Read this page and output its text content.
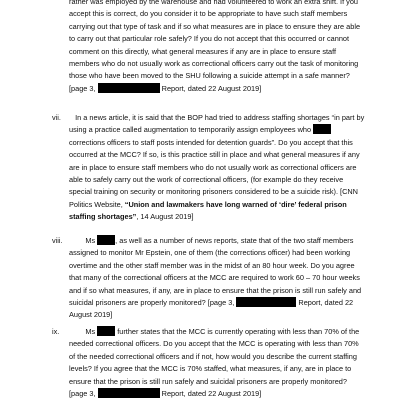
rather was employed by the warehouse and had volunteered to work an extra shift. If you
accept this is correct, do you consider it to be appropriate to have such staff members
carrying out that type of task and if so what measures are in place to ensure they are able
to carry out that particular role safely? If you do not accept that this occurred or cannot
comment on this directly, what general measures if any are in place to ensure staff
members who do not usually work as correctional officers carry out the task of monitoring
those who have been moved to the SHU following a suicide attempt in a safe manner?
[page 3,	Report, dated 22 August 2019]
vii.	In a news article, it is said that the BOP had tried to address staffing shortages “in part by
using a practice called augmentation to temporarily assign employees who
corrections officers to staff posts intended for detention guards”. Do you accept that this
occurred at the MCC? If so, is this practice still in place and what general measures if any
are in place to ensure staff members who do not usually work as correctional officers are
able to safely carry out the work of correctional officers, (for example do they receive
special training on security or monitoring prisoners considered to be a suicide risk). [CNN
Politics Website, “Union and lawmakers have long warned of ‘dire’ federal prison
staffing shortages”, 14 August 2019]
viii.	Ms	, as well as a number of news reports, state that of the two staff members
assigned to monitor Mr Epstein, one of them (the corrections officer) had been working
overtime and the other staff member was in the midst of an 80 hour week. Do you agree
that many of the correctional officers at the MCC are required to work 60 – 70 hour weeks
and if so what measures, if any, are in place to ensure that the prison is still run safely and
suicidal prisoners are properly monitored? [page 3,	Report, dated 22
August 2019]
ix.	Ms	further states that the MCC is currently operating with less than 70% of the
needed correctional officers. Do you accept that the MCC is operating with less than 70%
of the needed correctional officers and if not, how would you describe the current staffing
levels? If you agree that the MCC is 70% staffed, what measures, if any, are in place to
ensure that the prison is still run safely and suicidal prisoners are properly monitored?
[page 3,	Report, dated 22 August 2019]
